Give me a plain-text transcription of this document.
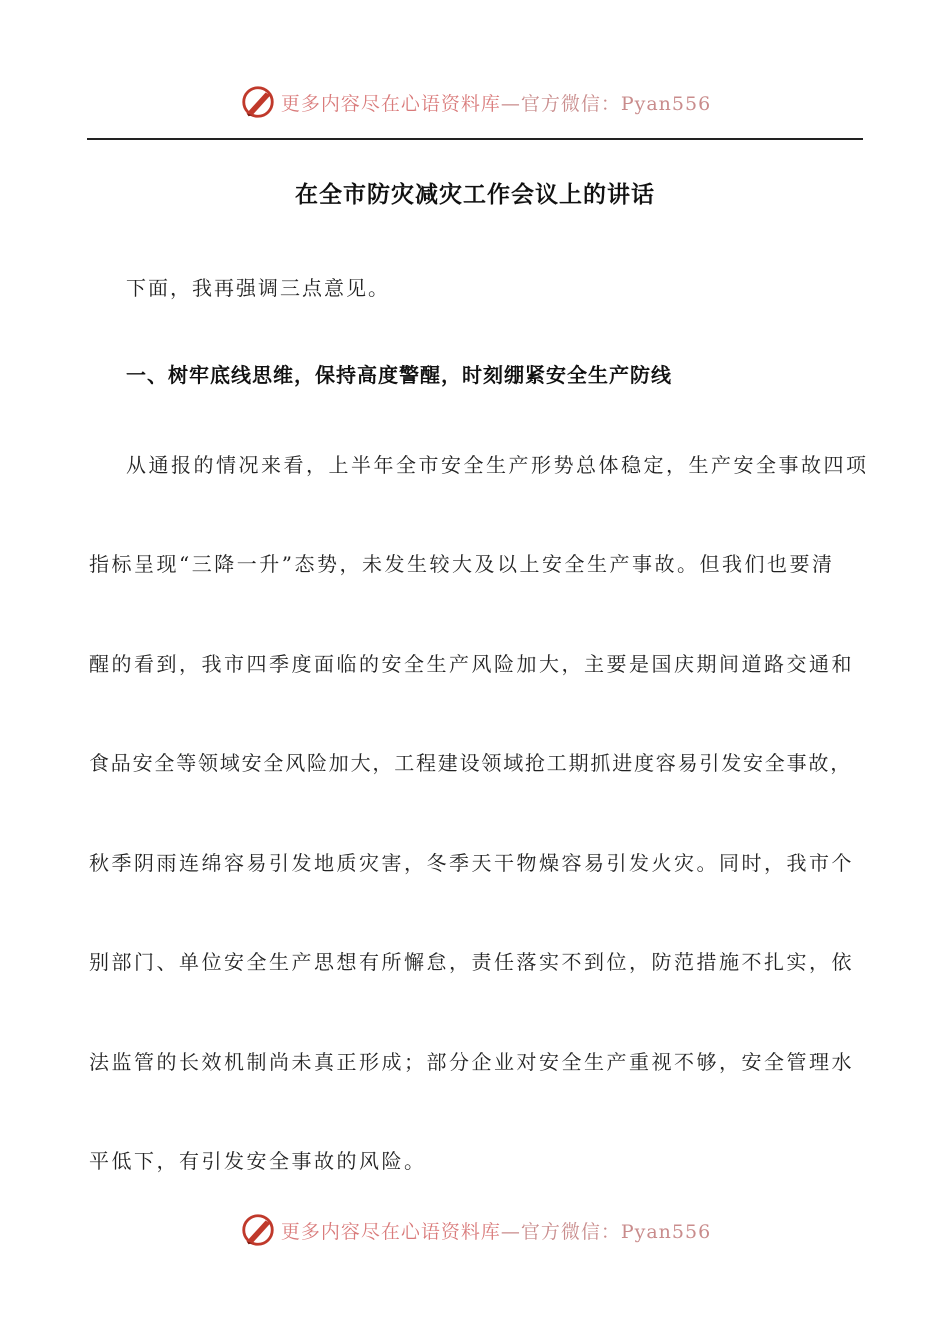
更多内容尽在心语资料库—官方微信：Pyan556
在全市防灾减灾工作会议上的讲话
下面，我再强调三点意见。
一、树牢底线思维，保持高度警醒，时刻绷紧安全生产防线
从通报的情况来看，上半年全市安全生产形势总体稳定，生产安全事故四项
指标呈现“三降一升”态势，未发生较大及以上安全生产事故。但我们也要清
醒的看到，我市四季度面临的安全生产风险加大，主要是国庆期间道路交通和
食品安全等领域安全风险加大，工程建设领域抢工期抓进度容易引发安全事故，
秋季阴雨连绵容易引发地质灾害，冬季天干物燥容易引发火灾。同时，我市个
别部门、单位安全生产思想有所懈怠，责任落实不到位，防范措施不扎实，依
法监管的长效机制尚未真正形成；部分企业对安全生产重视不够，安全管理水
平低下，有引发安全事故的风险。
更多内容尽在心语资料库—官方微信：Pyan556
